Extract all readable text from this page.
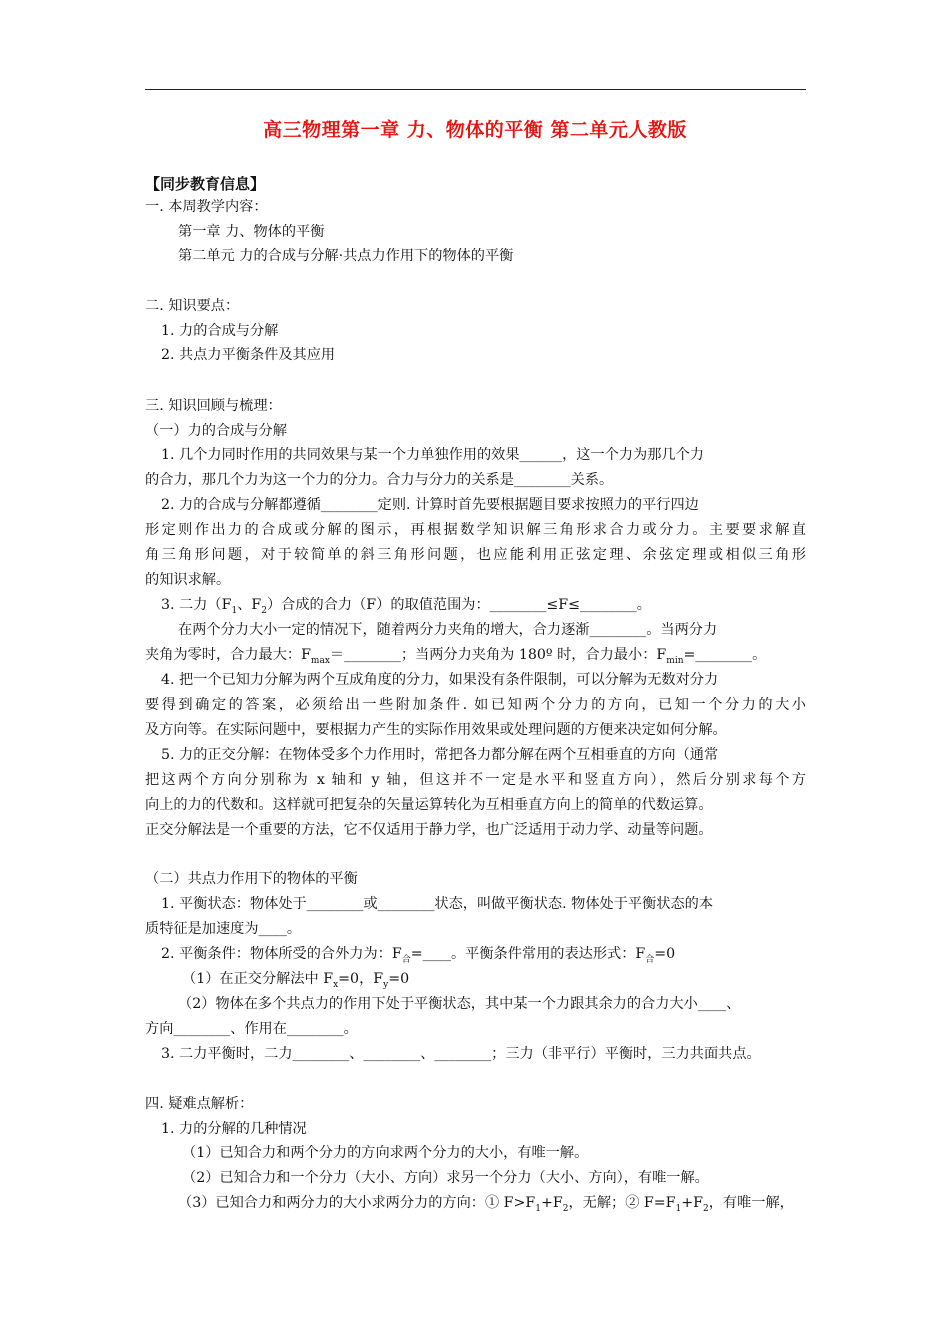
高三物理第一章 力、物体的平衡 第二单元人教版
【同步教育信息】
一. 本周教学内容：
第一章 力、物体的平衡
第二单元 力的合成与分解·共点力作用下的物体的平衡
二. 知识要点：
1. 力的合成与分解
2. 共点力平衡条件及其应用
三. 知识回顾与梳理：
（一）力的合成与分解
1. 几个力同时作用的共同效果与某一个力单独作用的效果______，这一个力为那几个力
的合力，那几个力为这一个力的分力。合力与分力的关系是________关系。
2. 力的合成与分解都遵循________定则. 计算时首先要根据题目要求按照力的平行四边
形定则作出力的合成或分解的图示，再根据数学知识解三角形求合力或分力。主要要求解直
角三角形问题，对于较简单的斜三角形问题，也应能利用正弦定理、余弦定理或相似三角形
的知识求解。
3. 二力（$F_1$、$F_2$）合成的合力（F）的取值范围为：________≤F≤________。
在两个分力大小一定的情况下，随着两分力夹角的增大，合力逐渐________。当两分力
夹角为零时，合力最大：$F_{max}=\_\_\_\_\_\_\_\_$；当两分力夹角为 180º 时，合力最小：$F_{min}=\_\_\_\_\_\_\_\_$。
4. 把一个已知力分解为两个互成角度的分力，如果没有条件限制，可以分解为无数对分力
要得到确定的答案，必须给出一些附加条件. 如已知两个分力的方向，已知一个分力的大小
及方向等。在实际问题中，要根据力产生的实际作用效果或处理问题的方便来决定如何分解。
5. 力的正交分解：在物体受多个力作用时，常把各力都分解在两个互相垂直的方向（通常
把这两个方向分别称为 x 轴和 y 轴，但这并不一定是水平和竖直方向），然后分别求每个方
向上的力的代数和。这样就可把复杂的矢量运算转化为互相垂直方向上的简单的代数运算。
正交分解法是一个重要的方法，它不仅适用于静力学，也广泛适用于动力学、动量等问题。
（二）共点力作用下的物体的平衡
1. 平衡状态：物体处于________或________状态，叫做平衡状态. 物体处于平衡状态的本
质特征是加速度为____。
2. 平衡条件：物体所受的合外力为：$F_合=\_\_\_\_$。平衡条件常用的表达形式：$F_合=0$
（1）在正交分解法中 $F_x=0$，$F_y=0$
（2）物体在多个共点力的作用下处于平衡状态，其中某一个力跟其余力的合力大小____、
方向________、作用在________。
3. 二力平衡时，二力________、________、________；三力（非平行）平衡时，三力共面共点。
四. 疑难点解析：
1. 力的分解的几种情况
（1）已知合力和两个分力的方向求两个分力的大小，有唯一解。
（2）已知合力和一个分力（大小、方向）求另一个分力（大小、方向），有唯一解。
（3）已知合力和两分力的大小求两分力的方向：① $F>F_1+F_2$，无解；② $F=F_1+F_2$，有唯一解，
